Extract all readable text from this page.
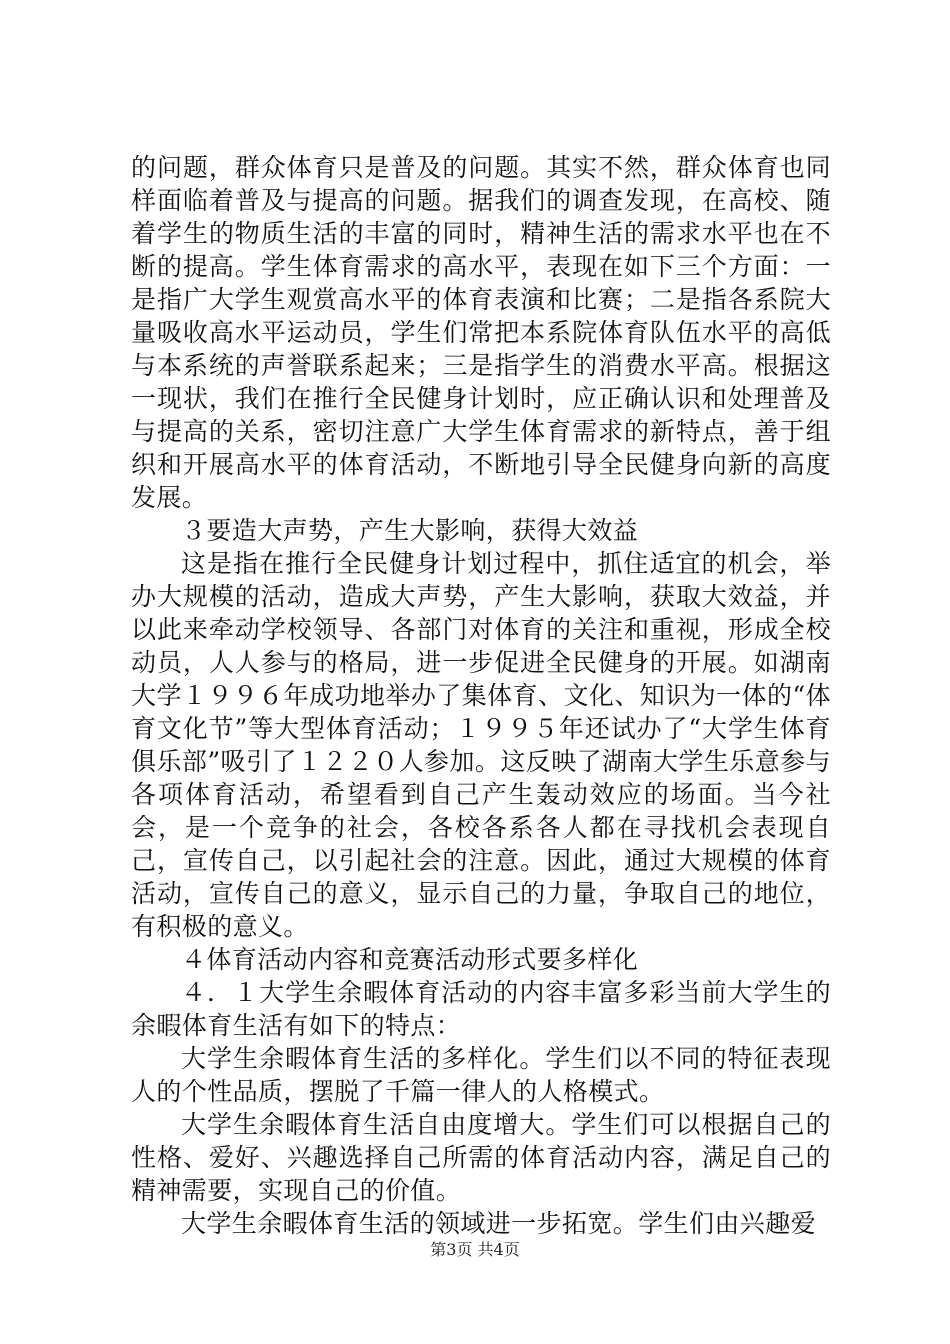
的问题，群众体育只是普及的问题。其实不然，群众体育也同样面临着普及与提高的问题。据我们的调查发现，在高校、随着学生的物质生活的丰富的同时，精神生活的需求水平也在不断的提高。学生体育需求的高水平，表现在如下三个方面：一是指广大学生观赏高水平的体育表演和比赛；二是指各系院大量吸收高水平运动员，学生们常把本系院体育队伍水平的高低与本系统的声誉联系起来；三是指学生的消费水平高。根据这一现状，我们在推行全民健身计划时，应正确认识和处理普及与提高的关系，密切注意广大学生体育需求的新特点，善于组织和开展高水平的体育活动，不断地引导全民健身向新的高度发展。

３要造大声势，产生大影响，获得大效益

这是指在推行全民健身计划过程中，抓住适宜的机会，举办大规模的活动，造成大声势，产生大影响，获取大效益，并以此来牵动学校领导、各部门对体育的关注和重视，形成全校动员，人人参与的格局，进一步促进全民健身的开展。如湖南大学１９９６年成功地举办了集体育、文化、知识为一体的“体育文化节”等大型体育活动；１９９５年还试办了“大学生体育俱乐部”吸引了１２２０人参加。这反映了湖南大学生乐意参与各项体育活动，希望看到自己产生轰动效应的场面。当今社会，是一个竞争的社会，各校各系各人都在寻找机会表现自己，宣传自己，以引起社会的注意。因此，通过大规模的体育活动，宣传自己的意义，显示自己的力量，争取自己的地位，有积极的意义。

４体育活动内容和竞赛活动形式要多样化

４．１大学生余暇体育活动的内容丰富多彩当前大学生的余暇体育生活有如下的特点：

大学生余暇体育生活的多样化。学生们以不同的特征表现人的个性品质，摆脱了千篇一律人的人格模式。

大学生余暇体育生活自由度增大。学生们可以根据自己的性格、爱好、兴趣选择自己所需的体育活动内容，满足自己的精神需要，实现自己的价值。

大学生余暇体育生活的领域进一步拓宽。学生们由兴趣爱

第3页 共4页
